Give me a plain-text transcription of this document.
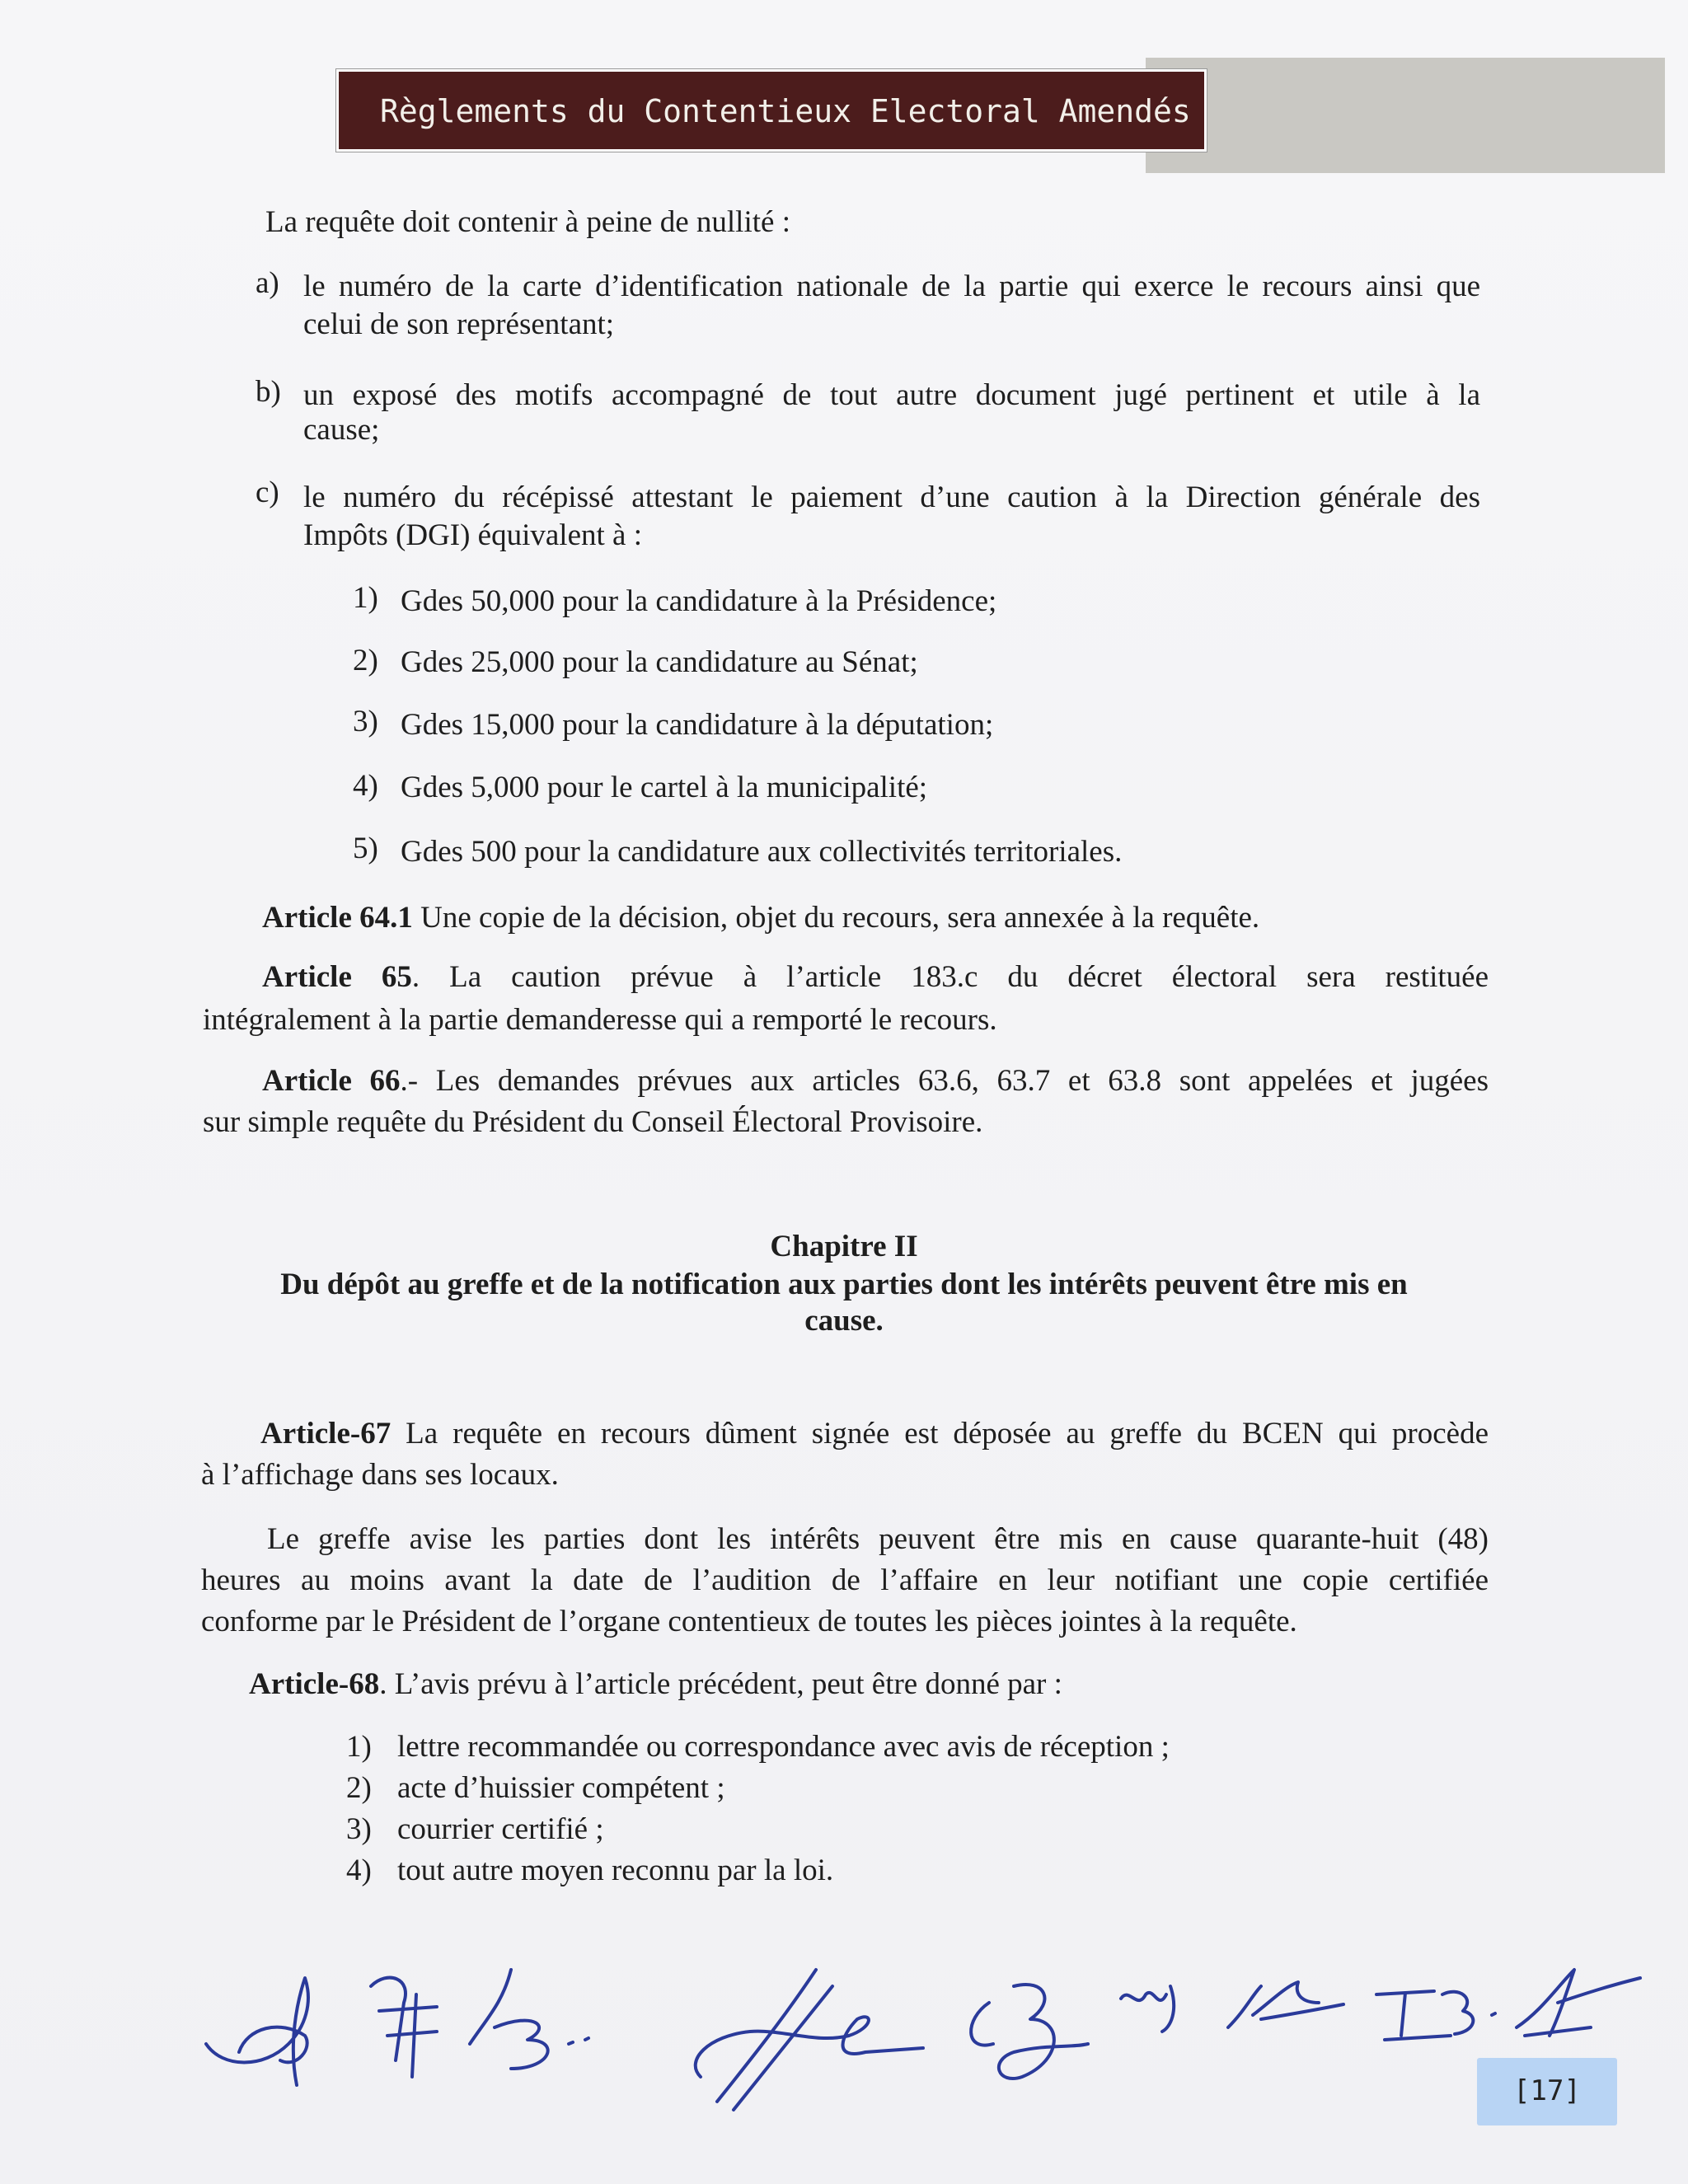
Règlements du Contentieux Electoral Amendés
La requête doit contenir à peine de nullité :
a) le numéro de la carte d’identification nationale de la partie qui exerce le recours ainsi que
celui de son représentant;
b) un exposé des motifs accompagné de tout autre document jugé pertinent et utile à la
cause;
c) le numéro du récépissé attestant le paiement d’une caution à la Direction générale des
Impôts (DGI) équivalent à :
1) Gdes 50,000 pour la candidature à la Présidence;
2) Gdes 25,000 pour la candidature au Sénat;
3) Gdes 15,000 pour la candidature à la députation;
4) Gdes 5,000 pour le cartel à la municipalité;
5) Gdes 500 pour la candidature aux collectivités territoriales.
Article 64.1 Une copie de la décision, objet du recours, sera annexée à la requête.
Article 65. La caution prévue à l’article 183.c du décret électoral sera restituée
intégralement à la partie demanderesse qui a remporté le recours.
Article 66.- Les demandes prévues aux articles 63.6, 63.7 et 63.8 sont appelées et jugées
sur simple requête du Président du Conseil Électoral Provisoire.
Chapitre II
Du dépôt au greffe et de la notification aux parties dont les intérêts peuvent être mis en
cause.
Article-67 La requête en recours dûment signée est déposée au greffe du BCEN qui procède
à l’affichage dans ses locaux.
Le greffe avise les parties dont les intérêts peuvent être mis en cause quarante-huit (48)
heures au moins avant la date de l’audition de l’affaire en leur notifiant une copie certifiée
conforme par le Président de l’organe contentieux de toutes les pièces jointes à la requête.
Article-68. L’avis prévu à l’article précédent, peut être donné par :
1) lettre recommandée ou correspondance avec avis de réception ;
2) acte d’huissier compétent ;
3) courrier certifié ;
4) tout autre moyen reconnu par la loi.
[17]
